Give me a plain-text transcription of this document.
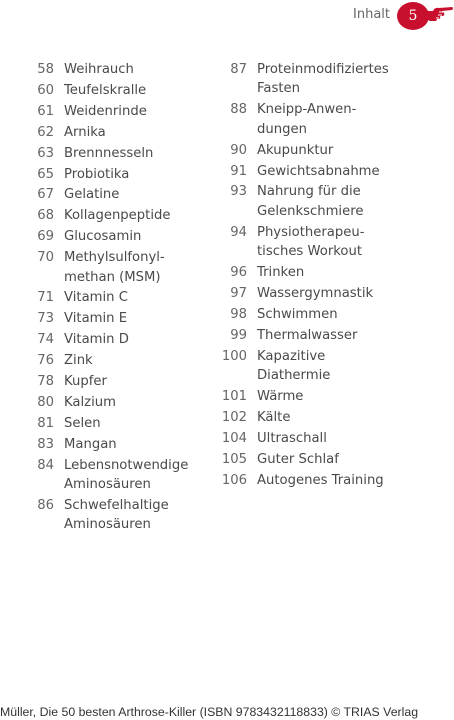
Inhalt	5
58 Weihrauch
60 Teufelskralle
61 Weidenrinde
62 Arnika
63 Brennnesseln
65 Probiotika
67 Gelatine
68 Kollagenpeptide
69 Glucosamin
70 Methylsulfonyl-
methan (MSM)
71 Vitamin C
73 Vitamin E
74 Vitamin D
76 Zink
78 Kupfer
80 Kalzium
81 Selen
83 Mangan
84 Lebensnotwendige
Aminosäuren
86 Schwefelhaltige
Aminosäuren
87 Proteinmodifiziertes
Fasten
88 Kneipp-Anwen-
dungen
90 Akupunktur
91 Gewichtsabnahme
93 Nahrung für die
Gelenkschmiere
94 Physiotherapeu-
tisches Workout
96 Trinken
97 Wassergymnastik
98 Schwimmen
99 Thermalwasser
100 Kapazitive
Diathermie
101 Wärme
102 Kälte
104 Ultraschall
105 Guter Schlaf
106 Autogenes Training
Müller, Die 50 besten Arthrose-Killer (ISBN 9783432118833) © TRIAS Verlag
